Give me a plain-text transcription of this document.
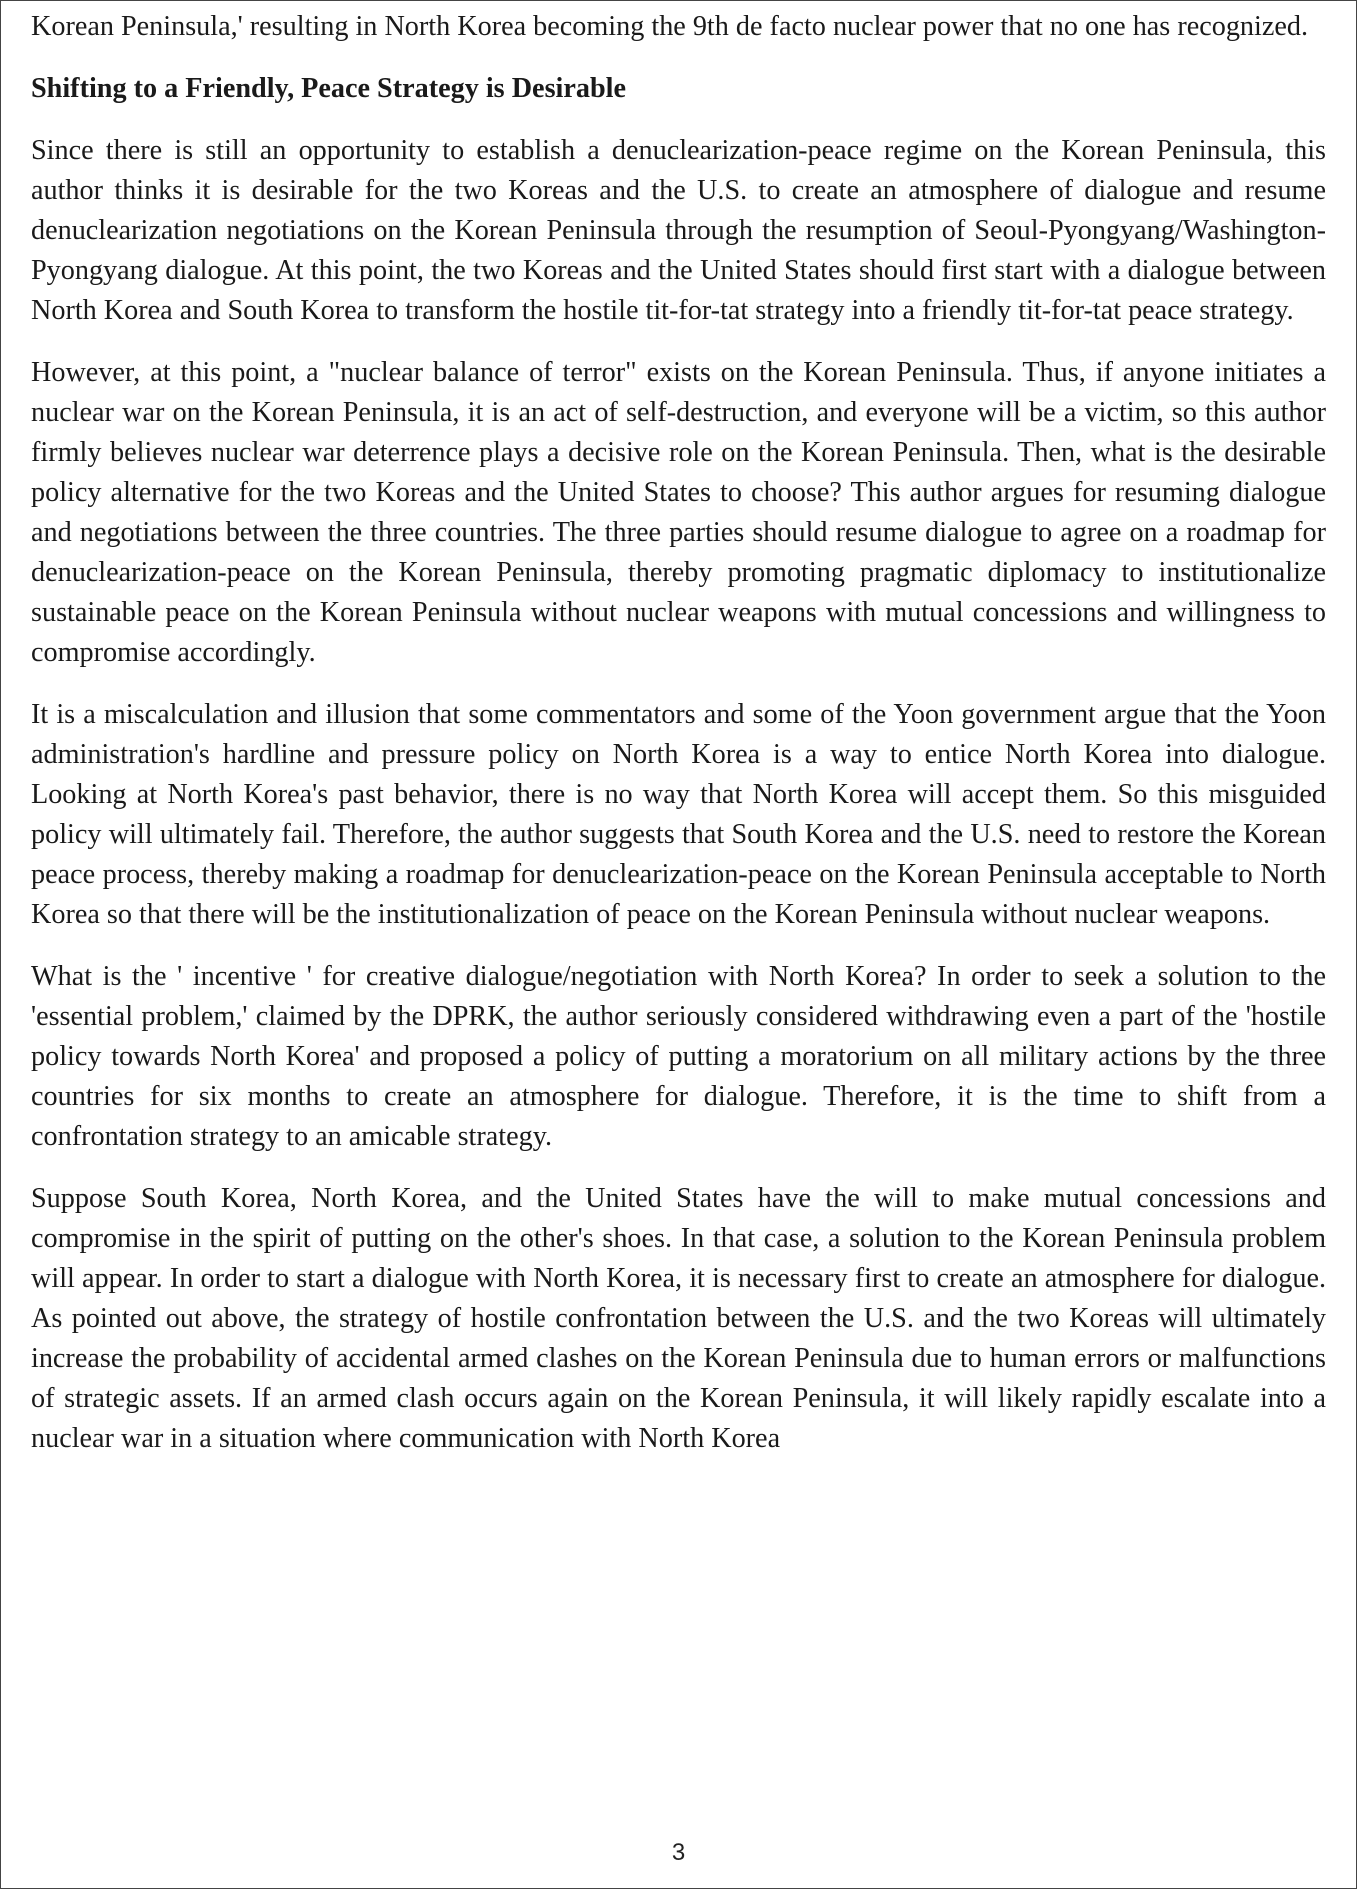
Korean Peninsula,' resulting in North Korea becoming the 9th de facto nuclear power that no one has recognized.

Shifting to a Friendly, Peace Strategy is Desirable

Since there is still an opportunity to establish a denuclearization-peace regime on the Korean Peninsula, this author thinks it is desirable for the two Koreas and the U.S. to create an atmosphere of dialogue and resume denuclearization negotiations on the Korean Peninsula through the resumption of Seoul-Pyongyang/Washington-Pyongyang dialogue. At this point, the two Koreas and the United States should first start with a dialogue between North Korea and South Korea to transform the hostile tit-for-tat strategy into a friendly tit-for-tat peace strategy.

However, at this point, a "nuclear balance of terror" exists on the Korean Peninsula. Thus, if anyone initiates a nuclear war on the Korean Peninsula, it is an act of self-destruction, and everyone will be a victim, so this author firmly believes nuclear war deterrence plays a decisive role on the Korean Peninsula. Then, what is the desirable policy alternative for the two Koreas and the United States to choose? This author argues for resuming dialogue and negotiations between the three countries. The three parties should resume dialogue to agree on a roadmap for denuclearization-peace on the Korean Peninsula, thereby promoting pragmatic diplomacy to institutionalize sustainable peace on the Korean Peninsula without nuclear weapons with mutual concessions and willingness to compromise accordingly.

It is a miscalculation and illusion that some commentators and some of the Yoon government argue that the Yoon administration's hardline and pressure policy on North Korea is a way to entice North Korea into dialogue. Looking at North Korea's past behavior, there is no way that North Korea will accept them. So this misguided policy will ultimately fail. Therefore, the author suggests that South Korea and the U.S. need to restore the Korean peace process, thereby making a roadmap for denuclearization-peace on the Korean Peninsula acceptable to North Korea so that there will be the institutionalization of peace on the Korean Peninsula without nuclear weapons.

What is the ' incentive ' for creative dialogue/negotiation with North Korea? In order to seek a solution to the 'essential problem,' claimed by the DPRK, the author seriously considered withdrawing even a part of the 'hostile policy towards North Korea' and proposed a policy of putting a moratorium on all military actions by the three countries for six months to create an atmosphere for dialogue. Therefore, it is the time to shift from a confrontation strategy to an amicable strategy.

Suppose South Korea, North Korea, and the United States have the will to make mutual concessions and compromise in the spirit of putting on the other's shoes. In that case, a solution to the Korean Peninsula problem will appear. In order to start a dialogue with North Korea, it is necessary first to create an atmosphere for dialogue. As pointed out above, the strategy of hostile confrontation between the U.S. and the two Koreas will ultimately increase the probability of accidental armed clashes on the Korean Peninsula due to human errors or malfunctions of strategic assets. If an armed clash occurs again on the Korean Peninsula, it will likely rapidly escalate into a nuclear war in a situation where communication with North Korea

3
